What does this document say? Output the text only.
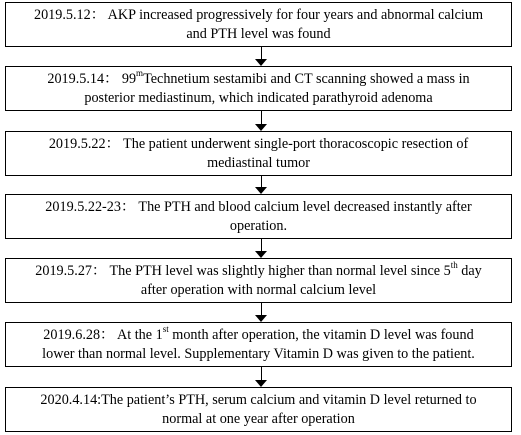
2019.5.12： AKP increased progressively for four years and abnormal calcium
and PTH level was found
2019.5.14： 99$^m$Technetium sestamibi and CT scanning showed a mass in
posterior mediastinum, which indicated parathyroid adenoma
2019.5.22： The patient underwent single-port thoracoscopic resection of
mediastinal tumor
2019.5.22-23： The PTH and blood calcium level decreased instantly after
operation.
2019.5.27： The PTH level was slightly higher than normal level since 5th day
after operation with normal calcium level
2019.6.28： At the 1st month after operation, the vitamin D level was found
lower than normal level. Supplementary Vitamin D was given to the patient.
2020.4.14:The patient’s PTH, serum calcium and vitamin D level returned to
normal at one year after operation
